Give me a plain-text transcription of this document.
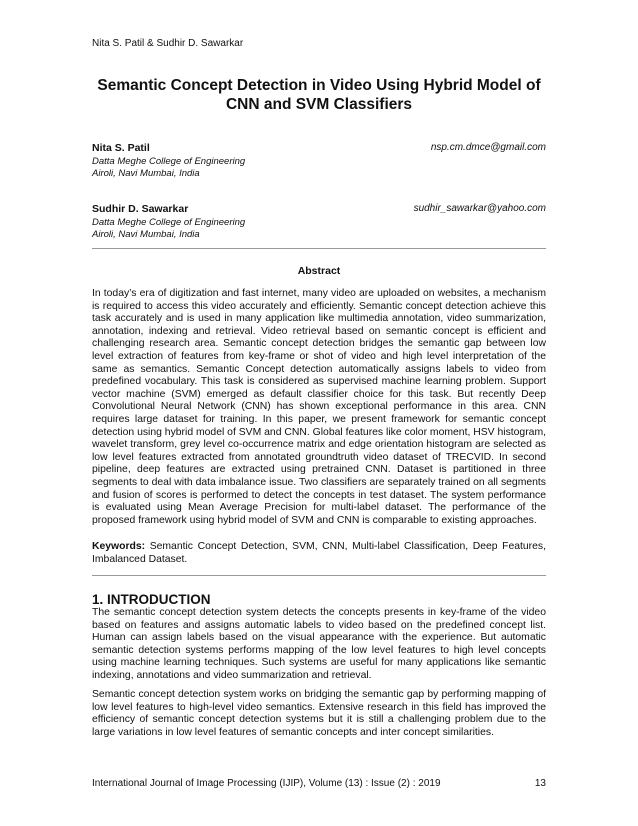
Nita S. Patil & Sudhir D. Sawarkar
Semantic Concept Detection in Video Using Hybrid Model of CNN and SVM Classifiers
Nita S. Patil	nsp.cm.dmce@gmail.com
Datta Meghe College of Engineering
Airoli, Navi Mumbai, India
Sudhir D. Sawarkar	sudhir_sawarkar@yahoo.com
Datta Meghe College of Engineering
Airoli, Navi Mumbai, India
Abstract
In today’s era of digitization and fast internet, many video are uploaded on websites, a mechanism is required to access this video accurately and efficiently. Semantic concept detection achieve this task accurately and is used in many application like multimedia annotation, video summarization, annotation, indexing and retrieval. Video retrieval based on semantic concept is efficient and challenging research area. Semantic concept detection bridges the semantic gap between low level extraction of features from key-frame or shot of video and high level interpretation of the same as semantics. Semantic Concept detection automatically assigns labels to video from predefined vocabulary. This task is considered as supervised machine learning problem. Support vector machine (SVM) emerged as default classifier choice for this task. But recently Deep Convolutional Neural Network (CNN) has shown exceptional performance in this area. CNN requires large dataset for training. In this paper, we present framework for semantic concept detection using hybrid model of SVM and CNN. Global features like color moment, HSV histogram, wavelet transform, grey level co-occurrence matrix and edge orientation histogram are selected as low level features extracted from annotated groundtruth video dataset of TRECVID. In second pipeline, deep features are extracted using pretrained CNN. Dataset is partitioned in three segments to deal with data imbalance issue. Two classifiers are separately trained on all segments and fusion of scores is performed to detect the concepts in test dataset. The system performance is evaluated using Mean Average Precision for multi-label dataset. The performance of the proposed framework using hybrid model of SVM and CNN is comparable to existing approaches.
Keywords: Semantic Concept Detection, SVM, CNN, Multi-label Classification, Deep Features, Imbalanced Dataset.
1. INTRODUCTION
The semantic concept detection system detects the concepts presents in key-frame of the video based on features and assigns automatic labels to video based on the predefined concept list. Human can assign labels based on the visual appearance with the experience. But automatic semantic detection systems performs mapping of the low level features to high level concepts using machine learning techniques. Such systems are useful for many applications like semantic indexing, annotations and video summarization and retrieval.
Semantic concept detection system works on bridging the semantic gap by performing mapping of low level features to high-level video semantics. Extensive research in this field has improved the efficiency of semantic concept detection systems but it is still a challenging problem due to the large variations in low level features of semantic concepts and inter concept similarities.
International Journal of Image Processing (IJIP), Volume (13) : Issue (2) : 2019	13
